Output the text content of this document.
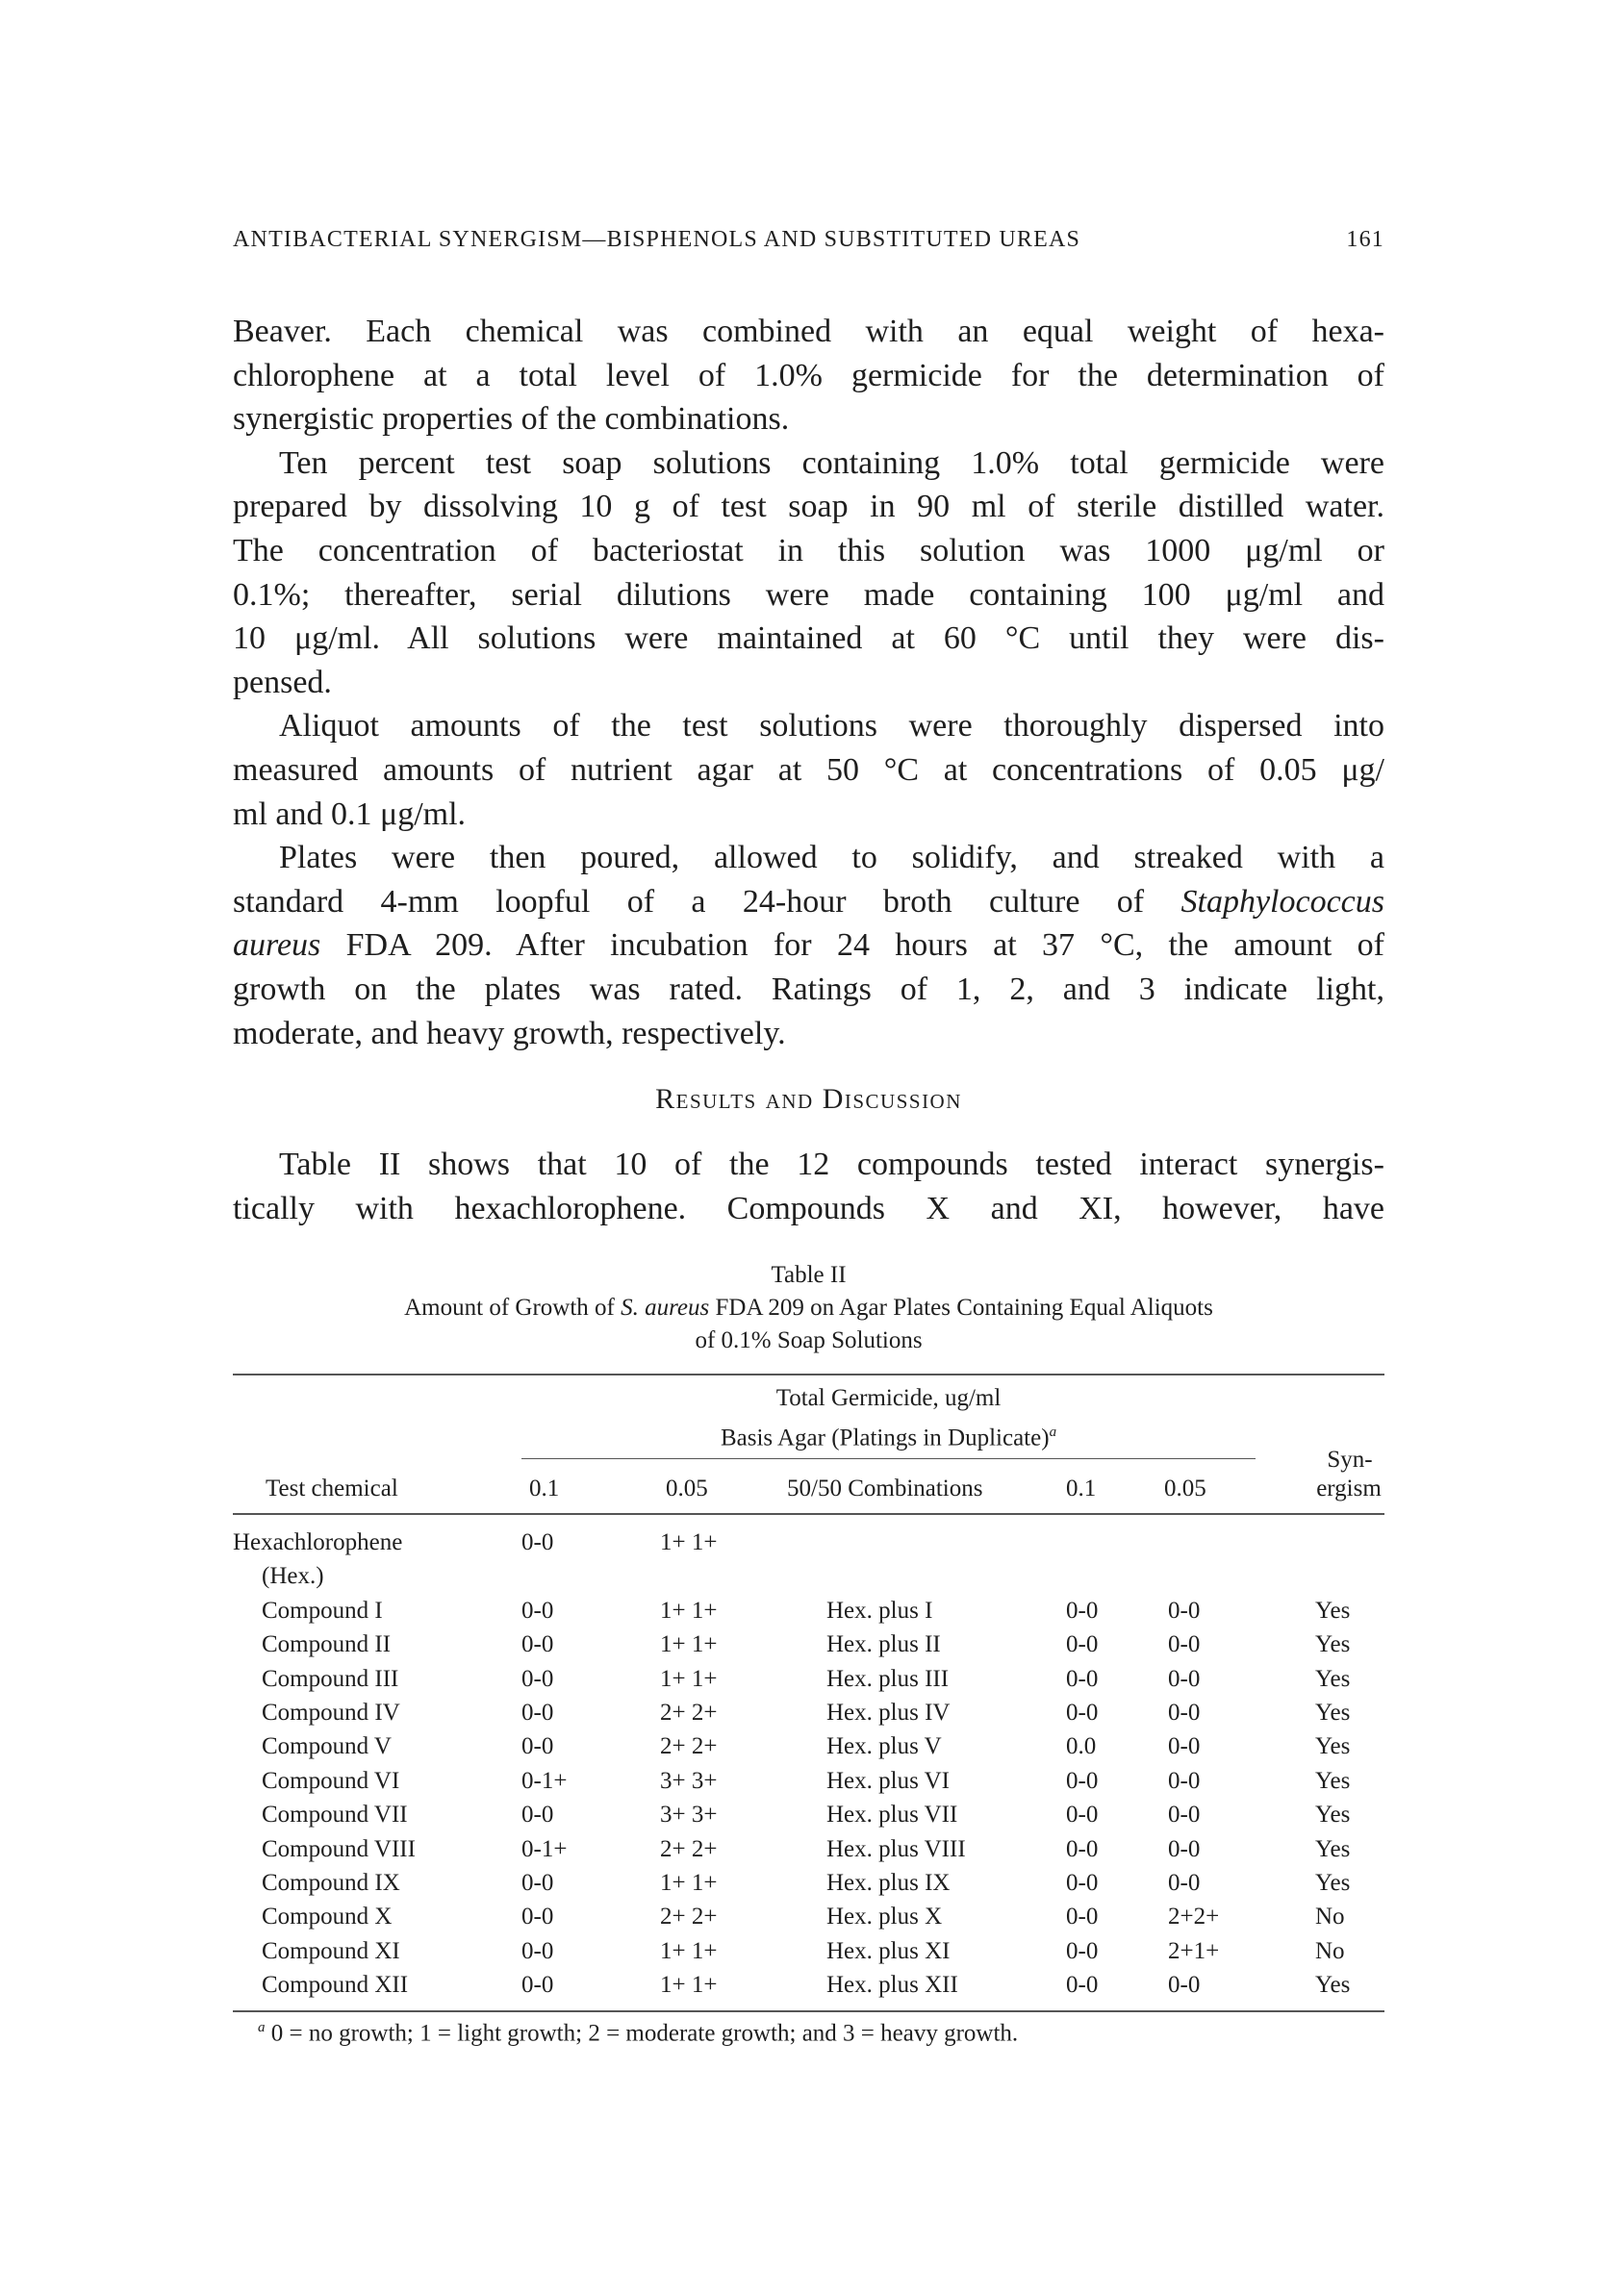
ANTIBACTERIAL SYNERGISM—BISPHENOLS AND SUBSTITUTED UREAS	161
Beaver. Each chemical was combined with an equal weight of hexa-
chlorophene at a total level of 1.0% germicide for the determination of
synergistic properties of the combinations.
Ten percent test soap solutions containing 1.0% total germicide were
prepared by dissolving 10 g of test soap in 90 ml of sterile distilled water.
The concentration of bacteriostat in this solution was 1000 μg/ml or
0.1%; thereafter, serial dilutions were made containing 100 μg/ml and
10 μg/ml. All solutions were maintained at 60 °C until they were dis-
pensed.
Aliquot amounts of the test solutions were thoroughly dispersed into
measured amounts of nutrient agar at 50 °C at concentrations of 0.05 μg/
ml and 0.1 μg/ml.
Plates were then poured, allowed to solidify, and streaked with a
standard 4-mm loopful of a 24-hour broth culture of Staphylococcus
aureus FDA 209. After incubation for 24 hours at 37 °C, the amount of
growth on the plates was rated. Ratings of 1, 2, and 3 indicate light,
moderate, and heavy growth, respectively.
Results and Discussion
Table II shows that 10 of the 12 compounds tested interact synergis-
tically with hexachlorophene. Compounds X and XI, however, have
Table II
Amount of Growth of S. aureus FDA 209 on Agar Plates Containing Equal Aliquots
of 0.1% Soap Solutions
Total Germicide, ug/ml
Basis Agar (Platings in Duplicate)$^a$
Syn-
ergism
Test chemical	0.1	0.05	50/50 Combinations	0.1	0.05
Hexachlorophene	0-0	1+ 1+
(Hex.)
Compound I	0-0	1+ 1+	Hex. plus I	0-0	0-0	Yes
Compound II	0-0	1+ 1+	Hex. plus II	0-0	0-0	Yes
Compound III	0-0	1+ 1+	Hex. plus III	0-0	0-0	Yes
Compound IV	0-0	2+ 2+	Hex. plus IV	0-0	0-0	Yes
Compound V	0-0	2+ 2+	Hex. plus V	0.0	0-0	Yes
Compound VI	0-1+	3+ 3+	Hex. plus VI	0-0	0-0	Yes
Compound VII	0-0	3+ 3+	Hex. plus VII	0-0	0-0	Yes
Compound VIII	0-1+	2+ 2+	Hex. plus VIII	0-0	0-0	Yes
Compound IX	0-0	1+ 1+	Hex. plus IX	0-0	0-0	Yes
Compound X	0-0	2+ 2+	Hex. plus X	0-0	2+2+	No
Compound XI	0-0	1+ 1+	Hex. plus XI	0-0	2+1+	No
Compound XII	0-0	1+ 1+	Hex. plus XII	0-0	0-0	Yes
$^a$ 0 = no growth; 1 = light growth; 2 = moderate growth; and 3 = heavy growth.
